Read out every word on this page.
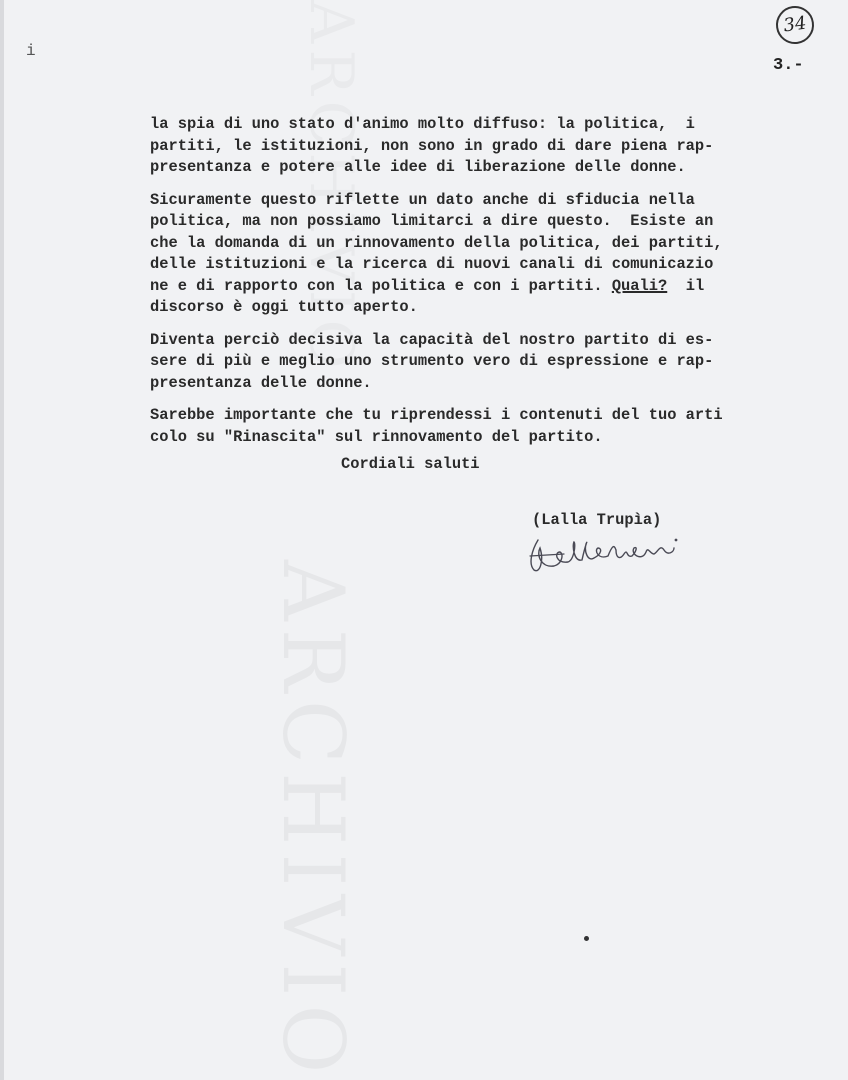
i
34
3.-

la spia di uno stato d'animo molto diffuso: la politica,  i
partiti, le istituzioni, non sono in grado di dare piena rap-
presentanza e potere alle idee di liberazione delle donne.

Sicuramente questo riflette un dato anche di sfiducia nella
politica, ma non possiamo limitarci a dire questo.  Esiste an
che la domanda di un rinnovamento della politica, dei partiti,
delle istituzioni e la ricerca di nuovi canali di comunicazio
ne e di rapporto con la politica e con i partiti. Quali? il
discorso è oggi tutto aperto.

Diventa perciò decisiva la capacità del nostro partito di es-
sere di più e meglio uno strumento vero di espressione e rap-
presentanza delle donne.

Sarebbe importante che tu riprendessi i contenuti del tuo arti
colo su "Rinascita" sul rinnovamento del partito.

Cordiali saluti
(Lalla Trupìa)
